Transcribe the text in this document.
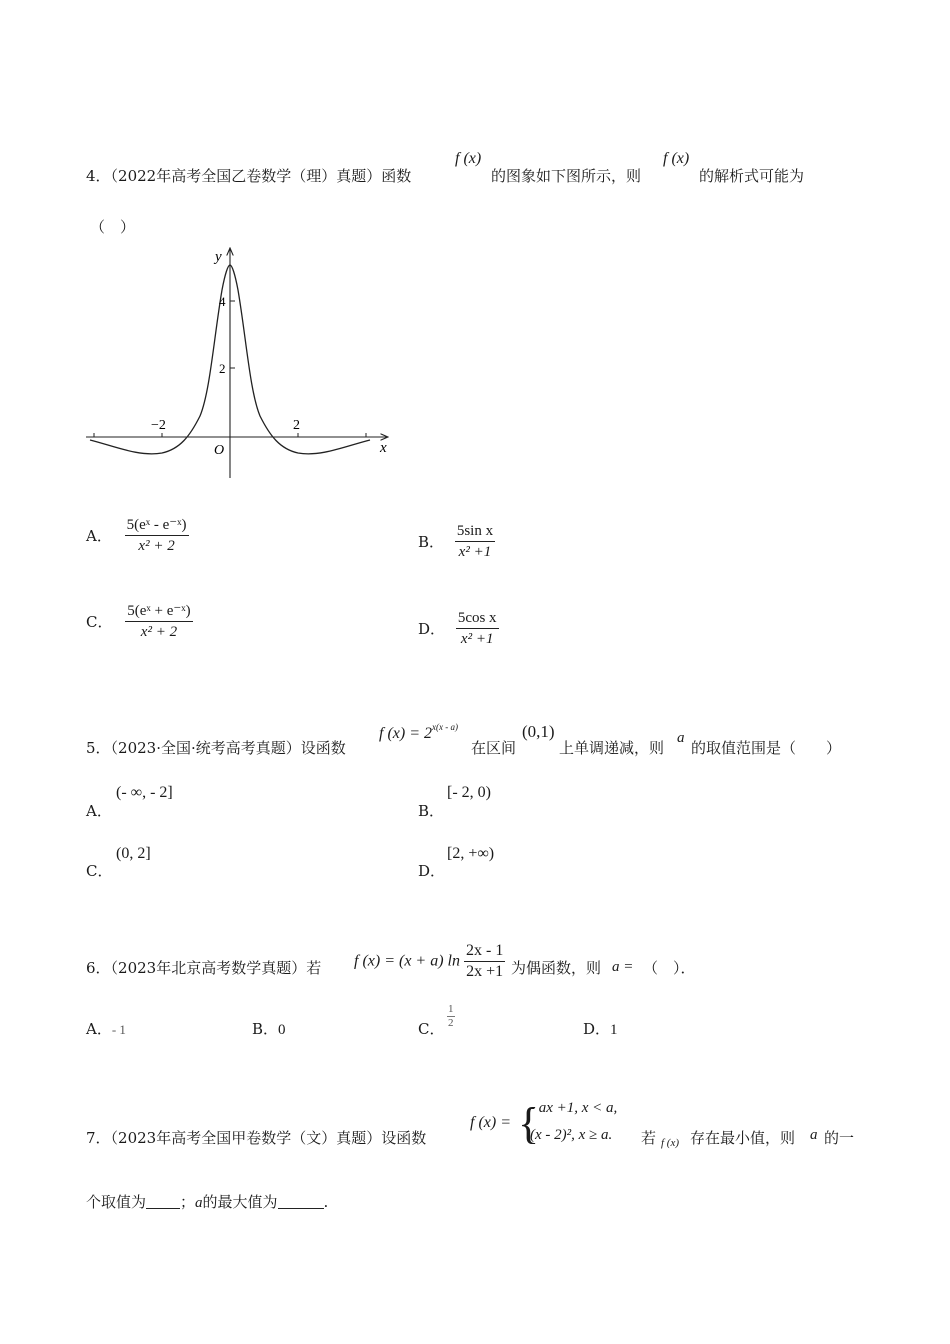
4．（2022年高考全国乙卷数学（理）真题）函数
f (x)
的图象如下图所示，则
f (x)
的解析式可能为
（　）
y
4
2
−2	2
O	x
A． $\frac{\text{5(eˣ - e⁻ˣ)}}{\text{x² + 2}}$	B． $\frac{\text{5sin x}}{\text{x² +1}}$
C． $\frac{\text{5(eˣ + e⁻ˣ)}}{\text{x² + 2}}$	D． $\frac{\text{5cos x}}{\text{x² +1}}$
5．（2023·全国·统考高考真题）设函数
f $(x) = 2^{x(x - a)}$
在区间
(0,1)
上单调递减，则
a
的取值范围是（　　）
A．
(- ∞, - 2]
B．
[- 2, 0)
C．
(0, 2]
D．
[2, +∞)
6．（2023年北京高考数学真题）若 f (x) = (x + a) $\ln \frac{2x - 1}{2x +1}$ 为偶函数，则 a = （　）．
A．- 1	B．0	C． $\frac{1}{2}$	D．1
7．（2023年高考全国甲卷数学（文）真题）设函数
f (x) = {
- ax +1, x < a,
(x - 2)², x ≥ a. 若 f (x) 存在最小值，则 a 的一
个取值为 ；a的最大值为	.
